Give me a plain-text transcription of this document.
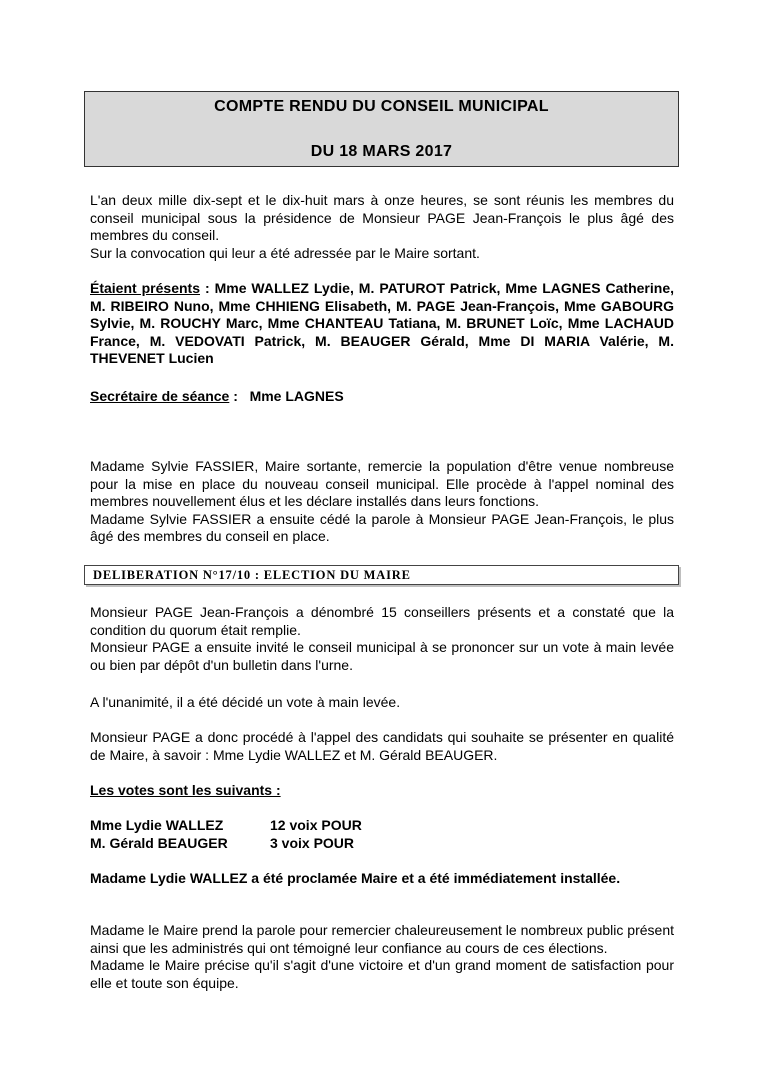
COMPTE RENDU DU CONSEIL MUNICIPAL
DU 18 MARS 2017
L'an deux mille dix-sept et le dix-huit mars à onze heures, se sont réunis les membres du conseil municipal sous la présidence de Monsieur PAGE Jean-François le plus âgé des membres du conseil.
Sur la convocation qui leur a été adressée par le Maire sortant.
Étaient présents : Mme WALLEZ Lydie, M. PATUROT Patrick, Mme LAGNES Catherine, M. RIBEIRO Nuno, Mme CHHIENG Elisabeth, M. PAGE Jean-François, Mme GABOURG Sylvie, M. ROUCHY Marc, Mme CHANTEAU Tatiana, M. BRUNET Loïc, Mme LACHAUD France, M. VEDOVATI Patrick, M. BEAUGER Gérald, Mme DI MARIA Valérie, M. THEVENET Lucien
Secrétaire de séance :   Mme LAGNES
Madame Sylvie FASSIER, Maire sortante, remercie la population d'être venue nombreuse pour la mise en place du nouveau conseil municipal. Elle procède à l'appel nominal des membres nouvellement élus et les déclare installés dans leurs fonctions.
Madame Sylvie FASSIER a ensuite cédé la parole à Monsieur PAGE Jean-François, le plus âgé des membres du conseil en place.
DELIBERATION N°17/10 : ELECTION DU MAIRE
Monsieur PAGE Jean-François a dénombré 15 conseillers présents et a constaté que la condition du quorum était remplie.
Monsieur PAGE a ensuite invité le conseil municipal à se prononcer sur un vote à main levée ou bien par dépôt d'un bulletin dans l'urne.
A l'unanimité, il a été décidé un vote à main levée.
Monsieur PAGE a donc procédé à l'appel des candidats qui souhaite se présenter en qualité de Maire, à savoir : Mme Lydie WALLEZ et M. Gérald BEAUGER.
Les votes sont les suivants :
Mme Lydie WALLEZ	12 voix POUR
M. Gérald BEAUGER	3 voix POUR
Madame Lydie WALLEZ a été proclamée Maire et a été immédiatement installée.
Madame le Maire prend la parole pour remercier chaleureusement le nombreux public présent ainsi que les administrés qui ont témoigné leur confiance au cours de ces élections.
Madame le Maire précise qu'il s'agit d'une victoire et d'un grand moment de satisfaction pour elle et toute son équipe.
